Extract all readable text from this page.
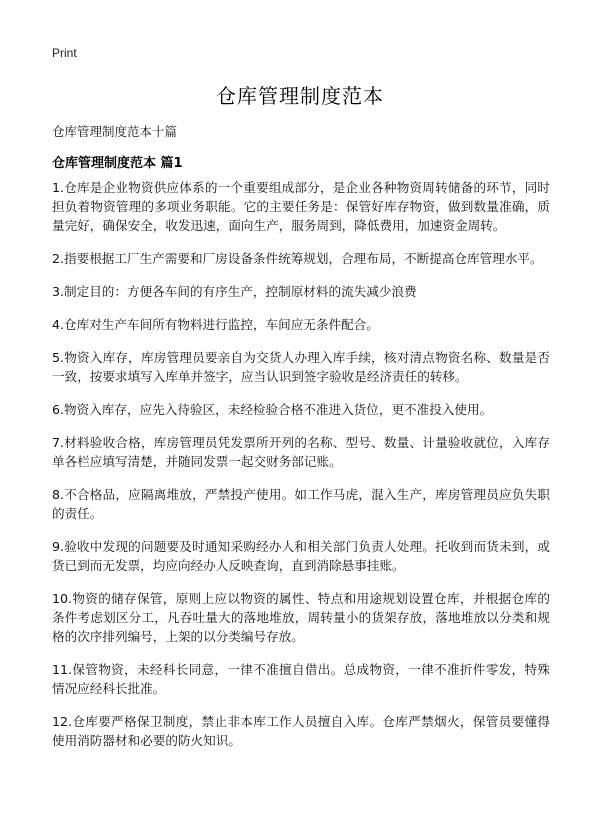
Print
仓库管理制度范本
仓库管理制度范本十篇
仓库管理制度范本 篇1

1.仓库是企业物资供应体系的一个重要组成部分，是企业各种物资周转储备的环节，同时担负着物资管理的多项业务职能。它的主要任务是：保管好库存物资，做到数量准确，质量完好，确保安全，收发迅速，面向生产，服务周到，降低费用，加速资金周转。

2.指要根据工厂生产需要和厂房设备条件统筹规划，合理布局，不断提高仓库管理水平。

3.制定目的：方便各车间的有序生产，控制原材料的流失减少浪费

4.仓库对生产车间所有物料进行监控，车间应无条件配合。

5.物资入库存，库房管理员要亲自为交货人办理入库手续，核对清点物资名称、数量是否一致，按要求填写入库单并签字，应当认识到签字验收是经济责任的转移。

6.物资入库存，应先入待验区，未经检验合格不准进入货位，更不准投入使用。

7.材料验收合格，库房管理员凭发票所开列的名称、型号、数量、计量验收就位，入库存单各栏应填写清楚，并随同发票一起交财务部记账。

8.不合格品，应隔离堆放，严禁投产使用。如工作马虎，混入生产，库房管理员应负失职的责任。

9.验收中发现的问题要及时通知采购经办人和相关部门负责人处理。托收到而货未到，或货已到而无发票，均应向经办人反映查询，直到消除悬事挂账。

10.物资的储存保管，原则上应以物资的属性、特点和用途规划设置仓库，并根据仓库的条件考虑划区分工，凡吞吐量大的落地堆放，周转量小的货架存放，落地堆放以分类和规格的次序排列编号，上架的以分类编号存放。

11.保管物资，未经科长同意，一律不准擅自借出。总成物资，一律不准折件零发，特殊情况应经科长批准。

12.仓库要严格保卫制度，禁止非本库工作人员擅自入库。仓库严禁烟火，保管员要懂得使用消防器材和必要的防火知识。
